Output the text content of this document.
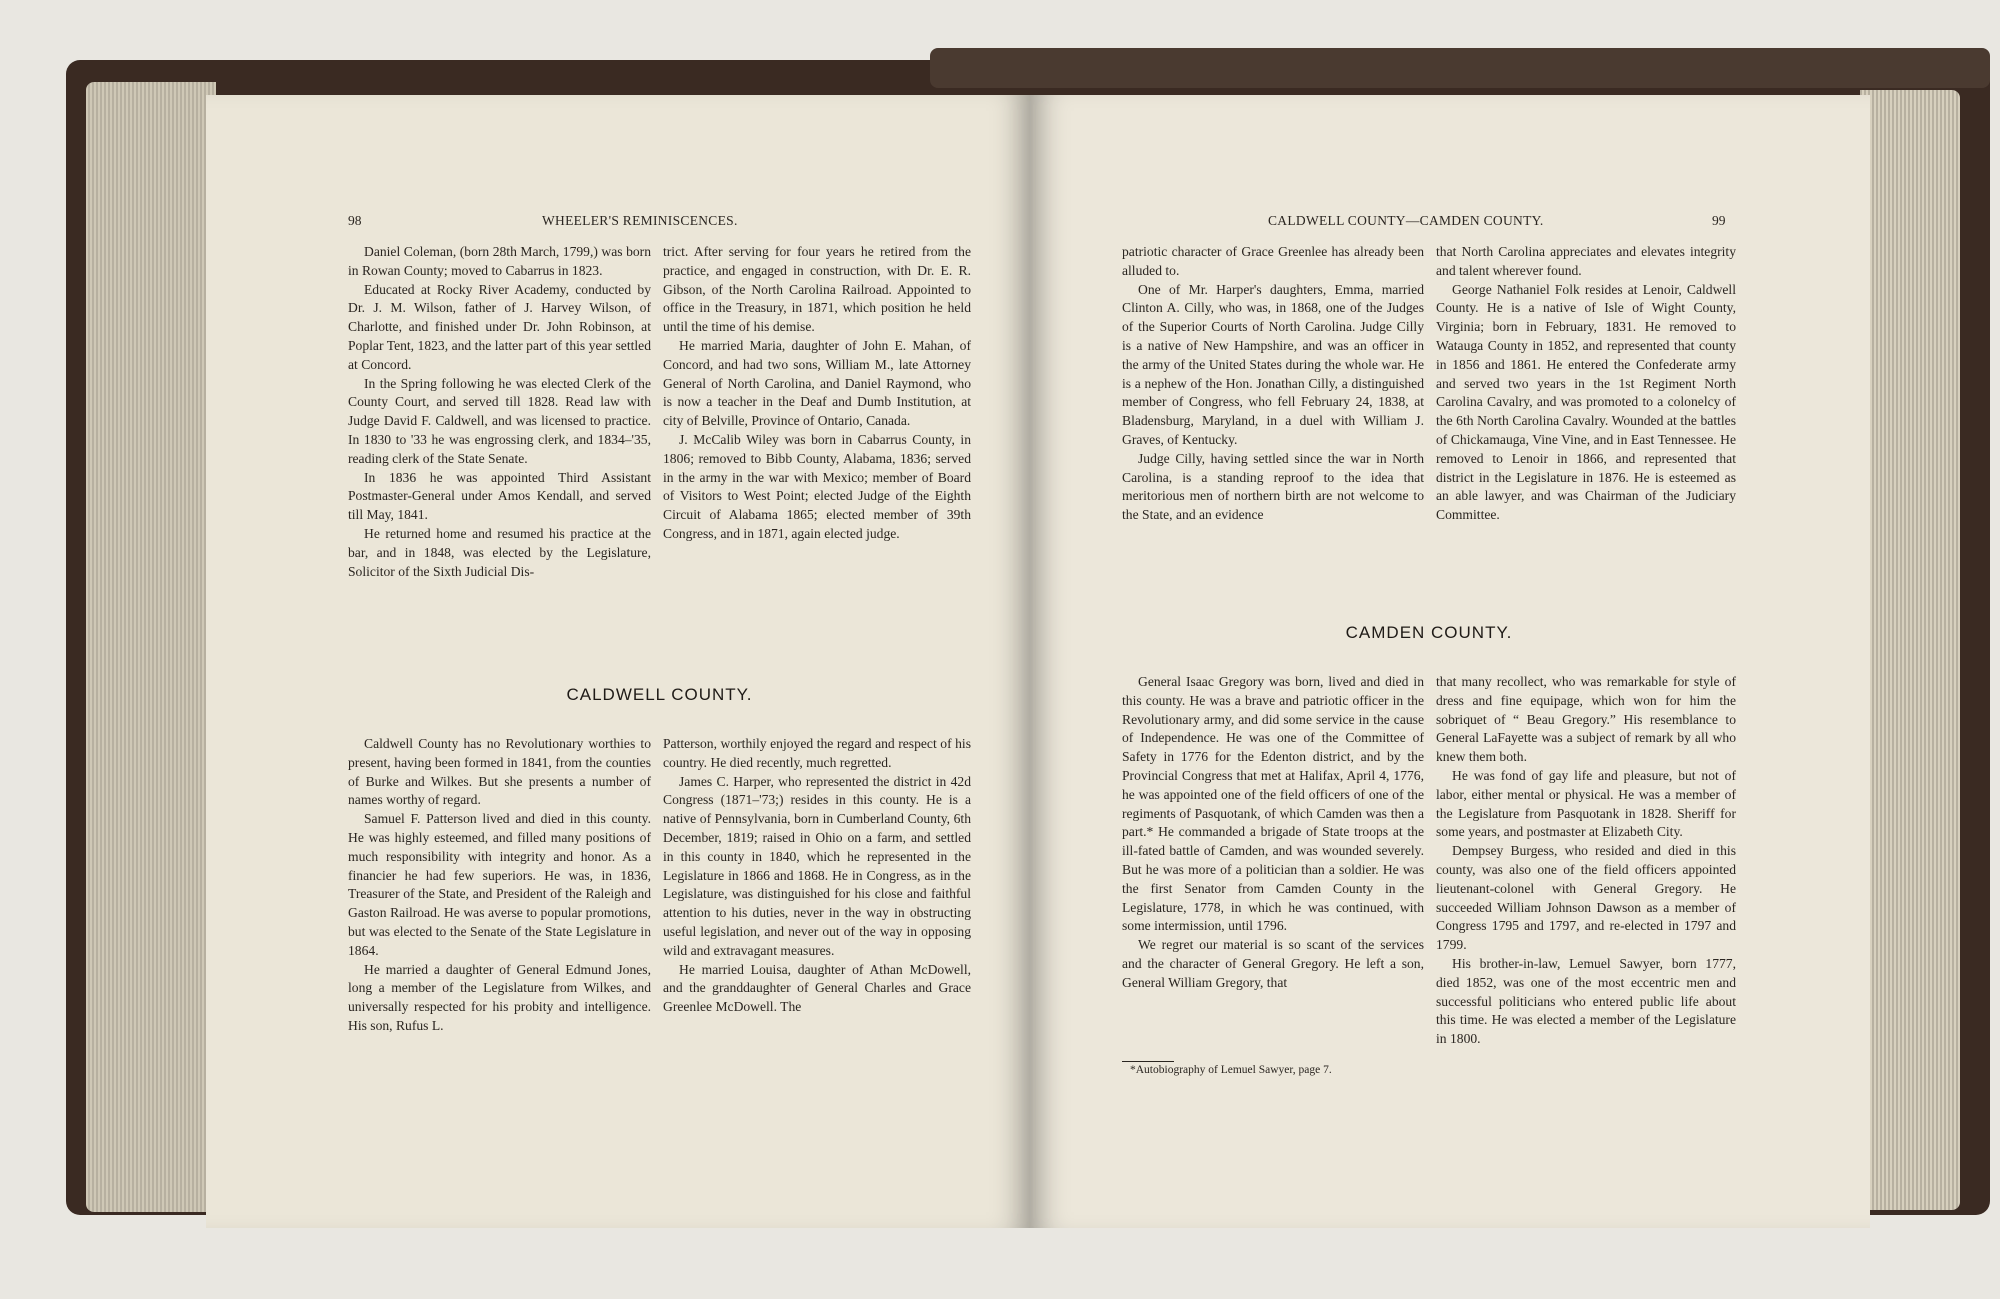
98	WHEELER'S REMINISCENCES.

Daniel Coleman, (born 28th March, 1799,) was born in Rowan County; moved to Cabarrus in 1823.

Educated at Rocky River Academy, conducted by Dr. J. M. Wilson, father of J. Harvey Wilson, of Charlotte, and finished under Dr. John Robinson, at Poplar Tent, 1823, and the latter part of this year settled at Concord.

In the Spring following he was elected Clerk of the County Court, and served till 1828. Read law with Judge David F. Caldwell, and was licensed to practice. In 1830 to '33 he was engrossing clerk, and 1834–'35, reading clerk of the State Senate.

In 1836 he was appointed Third Assistant Postmaster-General under Amos Kendall, and served till May, 1841.

He returned home and resumed his practice at the bar, and in 1848, was elected by the Legislature, Solicitor of the Sixth Judicial Dis-

trict. After serving for four years he retired from the practice, and engaged in construction, with Dr. E. R. Gibson, of the North Carolina Railroad. Appointed to office in the Treasury, in 1871, which position he held until the time of his demise.

He married Maria, daughter of John E. Mahan, of Concord, and had two sons, William M., late Attorney General of North Carolina, and Daniel Raymond, who is now a teacher in the Deaf and Dumb Institution, at city of Belville, Province of Ontario, Canada.

J. McCalib Wiley was born in Cabarrus County, in 1806; removed to Bibb County, Alabama, 1836; served in the army in the war with Mexico; member of Board of Visitors to West Point; elected Judge of the Eighth Circuit of Alabama 1865; elected member of 39th Congress, and in 1871, again elected judge.

CALDWELL COUNTY.

Caldwell County has no Revolutionary worthies to present, having been formed in 1841, from the counties of Burke and Wilkes. But she presents a number of names worthy of regard.

Samuel F. Patterson lived and died in this county. He was highly esteemed, and filled many positions of much responsibility with integrity and honor. As a financier he had few superiors. He was, in 1836, Treasurer of the State, and President of the Raleigh and Gaston Railroad. He was averse to popular promotions, but was elected to the Senate of the State Legislature in 1864.

He married a daughter of General Edmund Jones, long a member of the Legislature from Wilkes, and universally respected for his probity and intelligence. His son, Rufus L.

Patterson, worthily enjoyed the regard and respect of his country. He died recently, much regretted.

James C. Harper, who represented the district in 42d Congress (1871–'73;) resides in this county. He is a native of Pennsylvania, born in Cumberland County, 6th December, 1819; raised in Ohio on a farm, and settled in this county in 1840, which he represented in the Legislature in 1866 and 1868. He in Congress, as in the Legislature, was distinguished for his close and faithful attention to his duties, never in the way in obstructing useful legislation, and never out of the way in opposing wild and extravagant measures.

He married Louisa, daughter of Athan McDowell, and the granddaughter of General Charles and Grace Greenlee McDowell. The

CALDWELL COUNTY—CAMDEN COUNTY.	99

patriotic character of Grace Greenlee has already been alluded to.

One of Mr. Harper's daughters, Emma, married Clinton A. Cilly, who was, in 1868, one of the Judges of the Superior Courts of North Carolina. Judge Cilly is a native of New Hampshire, and was an officer in the army of the United States during the whole war. He is a nephew of the Hon. Jonathan Cilly, a distinguished member of Congress, who fell February 24, 1838, at Bladensburg, Maryland, in a duel with William J. Graves, of Kentucky.

Judge Cilly, having settled since the war in North Carolina, is a standing reproof to the idea that meritorious men of northern birth are not welcome to the State, and an evidence

that North Carolina appreciates and elevates integrity and talent wherever found.

George Nathaniel Folk resides at Lenoir, Caldwell County. He is a native of Isle of Wight County, Virginia; born in February, 1831. He removed to Watauga County in 1852, and represented that county in 1856 and 1861. He entered the Confederate army and served two years in the 1st Regiment North Carolina Cavalry, and was promoted to a colonelcy of the 6th North Carolina Cavalry. Wounded at the battles of Chickamauga, Vine Vine, and in East Tennessee. He removed to Lenoir in 1866, and represented that district in the Legislature in 1876. He is esteemed as an able lawyer, and was Chairman of the Judiciary Committee.

CAMDEN COUNTY.

General Isaac Gregory was born, lived and died in this county. He was a brave and patriotic officer in the Revolutionary army, and did some service in the cause of Independence. He was one of the Committee of Safety in 1776 for the Edenton district, and by the Provincial Congress that met at Halifax, April 4, 1776, he was appointed one of the field officers of one of the regiments of Pasquotank, of which Camden was then a part.* He commanded a brigade of State troops at the ill-fated battle of Camden, and was wounded severely. But he was more of a politician than a soldier. He was the first Senator from Camden County in the Legislature, 1778, in which he was continued, with some intermission, until 1796.

We regret our material is so scant of the services and the character of General Gregory. He left a son, General William Gregory, that

*Autobiography of Lemuel Sawyer, page 7.

that many recollect, who was remarkable for style of dress and fine equipage, which won for him the sobriquet of “ Beau Gregory.” His resemblance to General LaFayette was a subject of remark by all who knew them both.

He was fond of gay life and pleasure, but not of labor, either mental or physical. He was a member of the Legislature from Pasquotank in 1828. Sheriff for some years, and postmaster at Elizabeth City.

Dempsey Burgess, who resided and died in this county, was also one of the field officers appointed lieutenant-colonel with General Gregory. He succeeded William Johnson Dawson as a member of Congress 1795 and 1797, and re-elected in 1797 and 1799.

His brother-in-law, Lemuel Sawyer, born 1777, died 1852, was one of the most eccentric men and successful politicians who entered public life about this time. He was elected a member of the Legislature in 1800.
